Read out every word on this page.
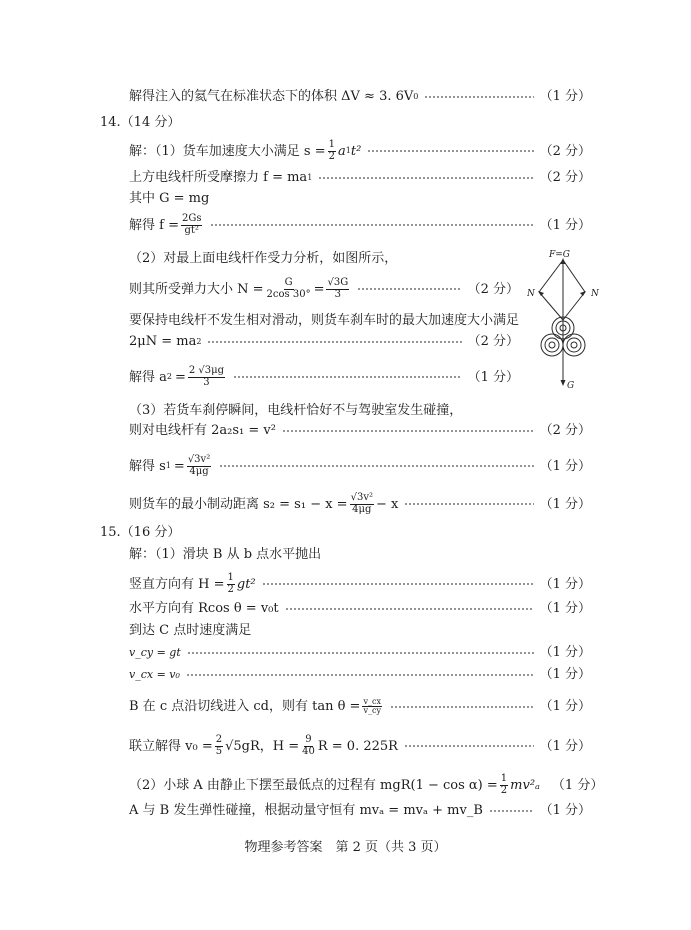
解得注入的氦气在标准状态下的体积 ΔV ≈ 3. 6V 0	（1 分）
14.（14 分）
解：（1）货车加速度大小满足 $s = \frac{1}{2}$ a 1 t²	（2 分）
上方电线杆所受摩擦力 f = ma 1	（2 分）
其中 G = mg
解得 $f = \frac{2Gs}{\text{gt²}}$	（1 分）
（2）对最上面电线杆作受力分析，如图所示，
则其所受弹力大小 $N = \frac{G}{2\cos 30^\circ} = \frac{√3G}{3}$	（2 分）
要保持电线杆不发生相对滑动，则货车刹车时的最大加速度大小满足
2μN = ma 2	（2 分）
解得 a $2 = \frac{2 √3\mu g}{3}$	（1 分）
（3）若货车刹停瞬间，电线杆恰好不与驾驶室发生碰撞，
则对电线杆有 2a₂s₁ = v²	（2 分）
解得 s $1 = \frac{\text{√3v²}}{4\mu g}$	（1 分）
则货车的最小制动距离 $s_2 = s_1 - x = \frac{\text{√3v²}}{4\mu g} - x$	（1 分）
15.（16 分）
解：（1）滑块 B 从 b 点水平抛出
竖直方向有 $H = \frac{1}{2} gt^2$	（1 分）
水平方向有 Rcos θ = v₀t	（1 分）
到达 C 点时速度满足
v_cy = gt	（1 分）
v_cx = v₀	（1 分）
B 在 c 点沿切线进入 cd，则有 $\tan \theta = \frac{v\_cx}{v\_cy}$	（1 分）
联立解得 $v_0 = \frac{2}{5} √5gR$，$H = \frac{9}{40}$ R = 0. 225R	（1 分）
（2）小球 A 由静止下摆至最低点的过程有 $mgR(1 - \cos \alpha) = \frac{1}{2} mv^2_a$ （1 分）
A 与 B 发生弹性碰撞，根据动量守恒有 mvₐ = mvₐ + mv_B	（1 分）
F=G
N	N
G
物理参考答案　第 2 页（共 3 页）
